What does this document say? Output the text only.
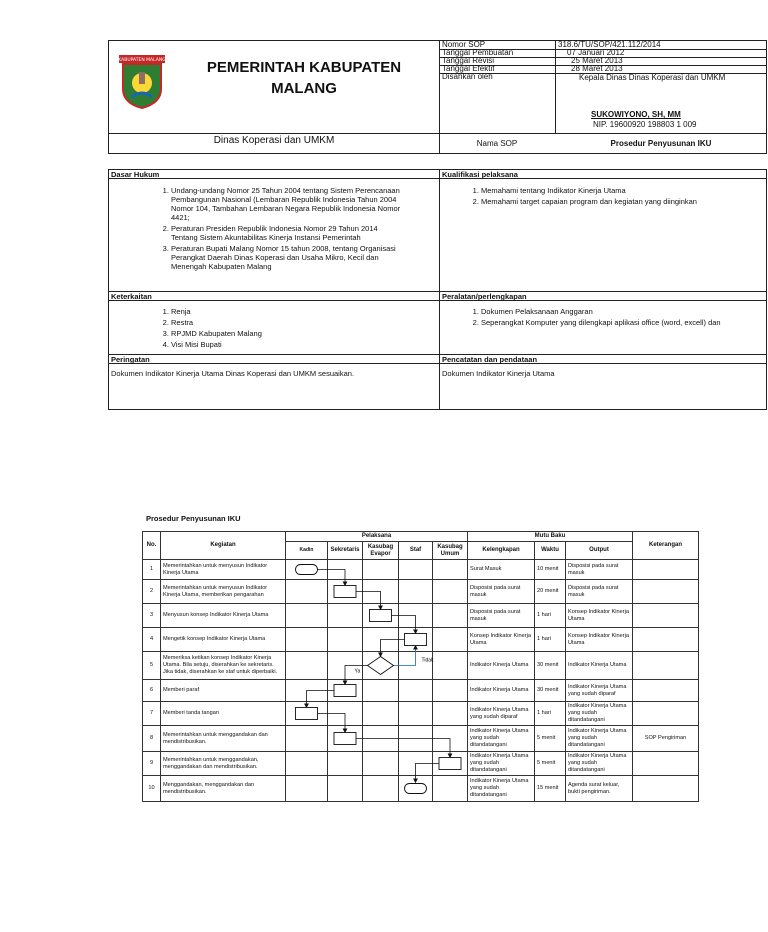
KABUPATEN MALANG	PEMERINTAH KABUPATEN
MALANG
Dinas Koperasi dan UMKM
Nomor SOP	318.6/TU/SOP/421.112/2014
Tanggal Pembuatan	07 Januari 2012
Tanggal Revisi	25 Maret 2013
Tanggal Efektif	28 Maret 2013
Disahkan oleh	Kepala Dinas Dinas Koperasi dan UMKM
SUKOWIYONO, SH, MM
NIP. 19600920 198803 1 009
Nama SOP	Prosedur Penyusunan IKU
Dasar Hukum
1. Undang-undang Nomor 25 Tahun 2004 tentang Sistem Perencanaan Pembangunan Nasional (Lembaran Republik Indonesia Tahun 2004 Nomor 104, Tambahan Lembaran Negara Republik Indonesia Nomor 4421;
2. Peraturan Presiden Republik Indonesia Nomor 29 Tahun 2014 Tentang Sistem Akuntabilitas Kinerja Instansi Pemerintah
3. Peraturan Bupati Malang Nomor 15 tahun 2008, tentang Organisasi Perangkat Daerah Dinas Koperasi dan Usaha Mikro, Kecil dan Menengah Kabupaten Malang
Kualifikasi pelaksana
1. Memahami tentang Indikator Kinerja Utama
2. Memahami target capaian program dan kegiatan yang diinginkan
Keterkaitan
1. Renja
2. Restra
3. RPJMD Kabupaten Malang
4. Visi Misi Bupati
Peralatan/perlengkapan
1. Dokumen Pelaksanaan Anggaran
2. Seperangkat Komputer yang dilengkapi aplikasi office (word, excell) dan
Peringatan
Dokumen Indikator Kinerja Utama Dinas Koperasi dan UMKM sesuaikan.
Pencatatan dan pendataan
Dokumen Indikator Kinerja Utama
Prosedur Penyusunan IKU
No.	Kegiatan	Pelaksana					Mutu Baku			Keterangan
		Kadin	Sekretaris	Kasubag Evapor	Staf	Kasubag Umum	Kelengkapan	Waktu	Output	
1	Memerintahkan untuk menyusun Indikator Kinerja Utama						Surat Masuk	10 menit	Disposisi pada surat masuk	
2	Memerintahkan untuk menyusun Indikator Kinerja Utama, memberikan pengarahan						Disposisi pada surat masuk	20 menit	Disposisi pada surat masuk	
3	Menyusun konsep Indikator Kinerja Utama						Disposisi pada surat masuk	1 hari	Konsep Indikator Kinerja Utama	
4	Mengetik konsep Indikator Kinerja Utama						Konsep Indikator Kinerja Utama	1 hari	Konsep Indikator Kinerja Utama	
5	Memeriksa ketikan konsep Indikator Kinerja Utama. Bila setuju, diserahkan ke sekretaris. Jika tidak, diserahkan ke staf untuk diperbaiki.						Indikator Kinerja Utama	30 menit	Indikator Kinerja Utama	
6	Memberi paraf						Indikator Kinerja Utama	30 menit	Indikator Kinerja Utama yang sudah diparaf	
7	Memberi tanda tangan						Indikator Kinerja Utama yang sudah diparaf	1 hari	Indikator Kinerja Utama yang sudah ditandatangani	
8	Memerintahkan untuk menggandakan dan mendistribusikan.						Indikator Kinerja Utama yang sudah ditandatangani	5 menit	Indikator Kinerja Utama yang sudah ditandatangani	SOP Pengiriman
9	Memerintahkan untuk menggandakan, menggandakan dan mendistribusikan.						Indikator Kinerja Utama yang sudah ditandatangani	5 menit	Indikator Kinerja Utama yang sudah ditandatangani	
10	Menggandakan, menggandakan dan mendistribusikan.						Indikator Kinerja Utama yang sudah ditandatangani	15 menit	Agenda surat keluar, bukti pengiriman.	
Ya
Tidak
